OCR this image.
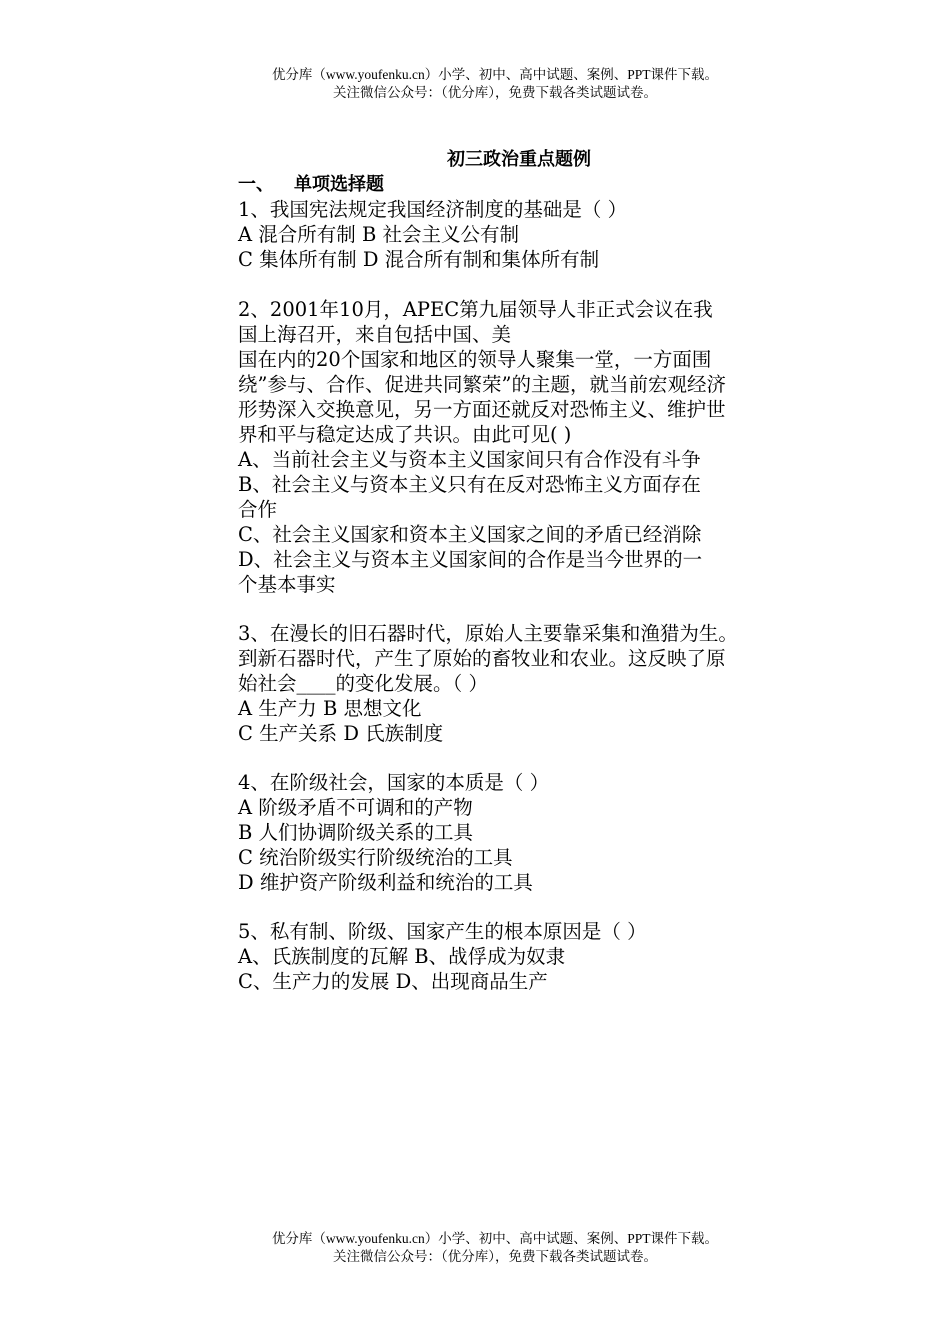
优分库（www.youfenku.cn）小学、初中、高中试题、案例、PPT课件下载。
关注微信公众号：（优分库），免费下载各类试题试卷。
初三政治重点题例
一、 单项选择题
1、我国宪法规定我国经济制度的基础是（ ）
A 混合所有制 B 社会主义公有制
C 集体所有制 D 混合所有制和集体所有制
2、2001年10月，APEC第九届领导人非正式会议在我
国上海召开，来自包括中国、美
国在内的20个国家和地区的领导人聚集一堂，一方面围
绕”参与、合作、促进共同繁荣”的主题，就当前宏观经济
形势深入交换意见，另一方面还就反对恐怖主义、维护世
界和平与稳定达成了共识。由此可见( )
A、当前社会主义与资本主义国家间只有合作没有斗争
B、社会主义与资本主义只有在反对恐怖主义方面存在
合作
C、社会主义国家和资本主义国家之间的矛盾已经消除
D、社会主义与资本主义国家间的合作是当今世界的一
个基本事实
3、在漫长的旧石器时代，原始人主要靠采集和渔猎为生。
到新石器时代，产生了原始的畜牧业和农业。这反映了原
始社会____的变化发展。（ ）
A 生产力 B 思想文化
C 生产关系 D 氏族制度
4、在阶级社会，国家的本质是（ ）
A 阶级矛盾不可调和的产物
B 人们协调阶级关系的工具
C 统治阶级实行阶级统治的工具
D 维护资产阶级利益和统治的工具
5、私有制、阶级、国家产生的根本原因是（ ）
A、氏族制度的瓦解 B、战俘成为奴隶
C、生产力的发展 D、出现商品生产
优分库（www.youfenku.cn）小学、初中、高中试题、案例、PPT课件下载。
关注微信公众号：（优分库），免费下载各类试题试卷。
